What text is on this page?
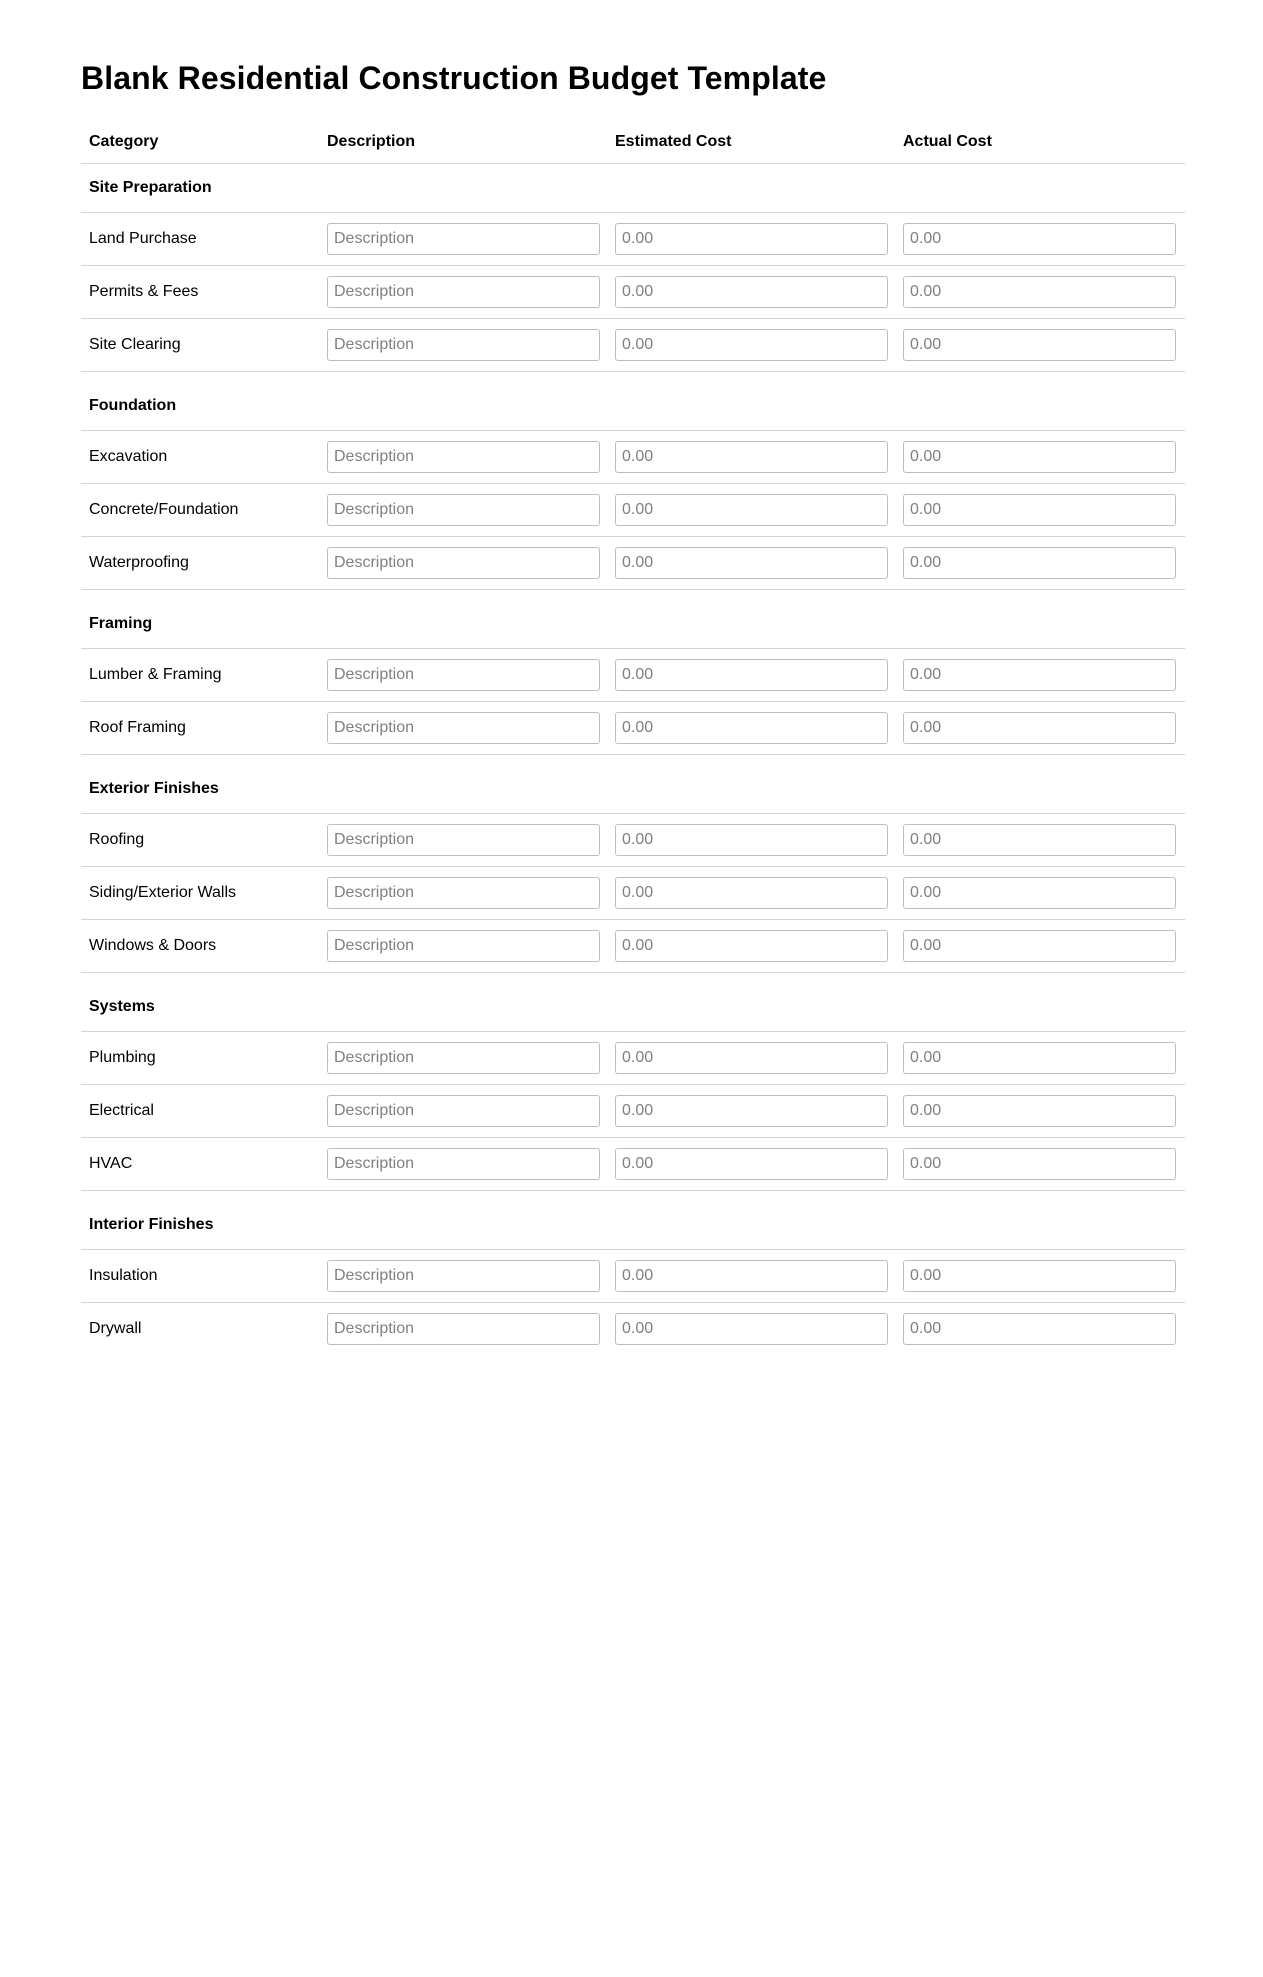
Blank Residential Construction Budget Template
Category	Description	Estimated Cost	Actual Cost
Site Preparation			
Land Purchase	Description	0.00	0.00
Permits & Fees	Description	0.00	0.00
Site Clearing	Description	0.00	0.00
Foundation			
Excavation	Description	0.00	0.00
Concrete/Foundation	Description	0.00	0.00
Waterproofing	Description	0.00	0.00
Framing			
Lumber & Framing	Description	0.00	0.00
Roof Framing	Description	0.00	0.00
Exterior Finishes			
Roofing	Description	0.00	0.00
Siding/Exterior Walls	Description	0.00	0.00
Windows & Doors	Description	0.00	0.00
Systems			
Plumbing	Description	0.00	0.00
Electrical	Description	0.00	0.00
HVAC	Description	0.00	0.00
Interior Finishes			
Insulation	Description	0.00	0.00
Drywall	Description	0.00	0.00
